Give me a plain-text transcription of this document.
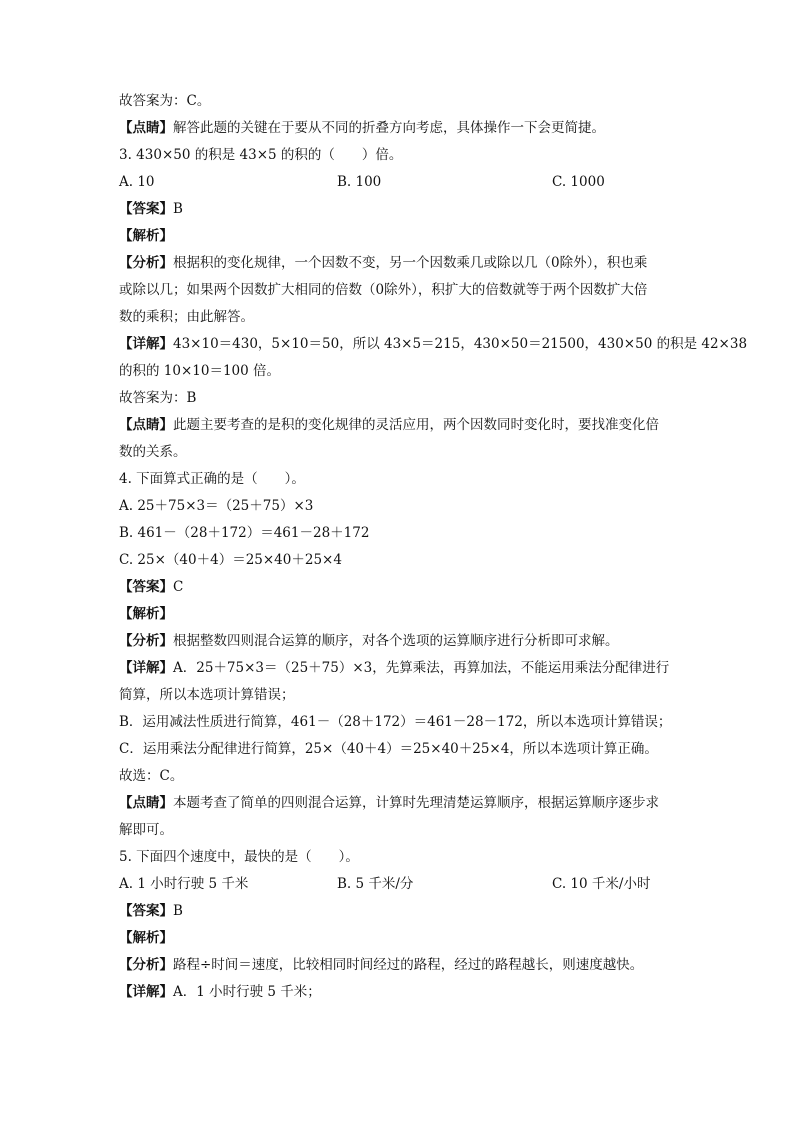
故答案为：C。
【点睛】解答此题的关键在于要从不同的折叠方向考虑，具体操作一下会更简捷。
3. 430×50 的积是 43×5 的积的（　　）倍。
A. 10	B. 100	C. 1000
【答案】B
【解析】
【分析】根据积的变化规律，一个因数不变，另一个因数乘几或除以几（0除外），积也乘
或除以几；如果两个因数扩大相同的倍数（0除外），积扩大的倍数就等于两个因数扩大倍
数的乘积；由此解答。
【详解】43×10＝430，5×10＝50，所以 43×5＝215，430×50＝21500，430×50 的积是 42×38
的积的 10×10＝100 倍。
故答案为：B
【点睛】此题主要考查的是积的变化规律的灵活应用，两个因数同时变化时，要找准变化倍
数的关系。
4. 下面算式正确的是（　　）。
A. 25＋75×3＝（25＋75）×3
B. 461－（28＋172）＝461－28＋172
C. 25×（40＋4）＝25×40＋25×4
【答案】C
【解析】
【分析】根据整数四则混合运算的顺序，对各个选项的运算顺序进行分析即可求解。
【详解】A．25＋75×3＝（25＋75）×3，先算乘法，再算加法，不能运用乘法分配律进行
简算，所以本选项计算错误；
B．运用减法性质进行简算，461－（28＋172）＝461－28－172，所以本选项计算错误；
C．运用乘法分配律进行简算，25×（40＋4）＝25×40＋25×4，所以本选项计算正确。
故选：C。
【点睛】本题考查了简单的四则混合运算，计算时先理清楚运算顺序，根据运算顺序逐步求
解即可。
5. 下面四个速度中，最快的是（　　）。
A. 1 小时行驶 5 千米	B. 5 千米/分	C. 10 千米/小时
【答案】B
【解析】
【分析】路程÷时间＝速度，比较相同时间经过的路程，经过的路程越长，则速度越快。
【详解】A．1 小时行驶 5 千米；
